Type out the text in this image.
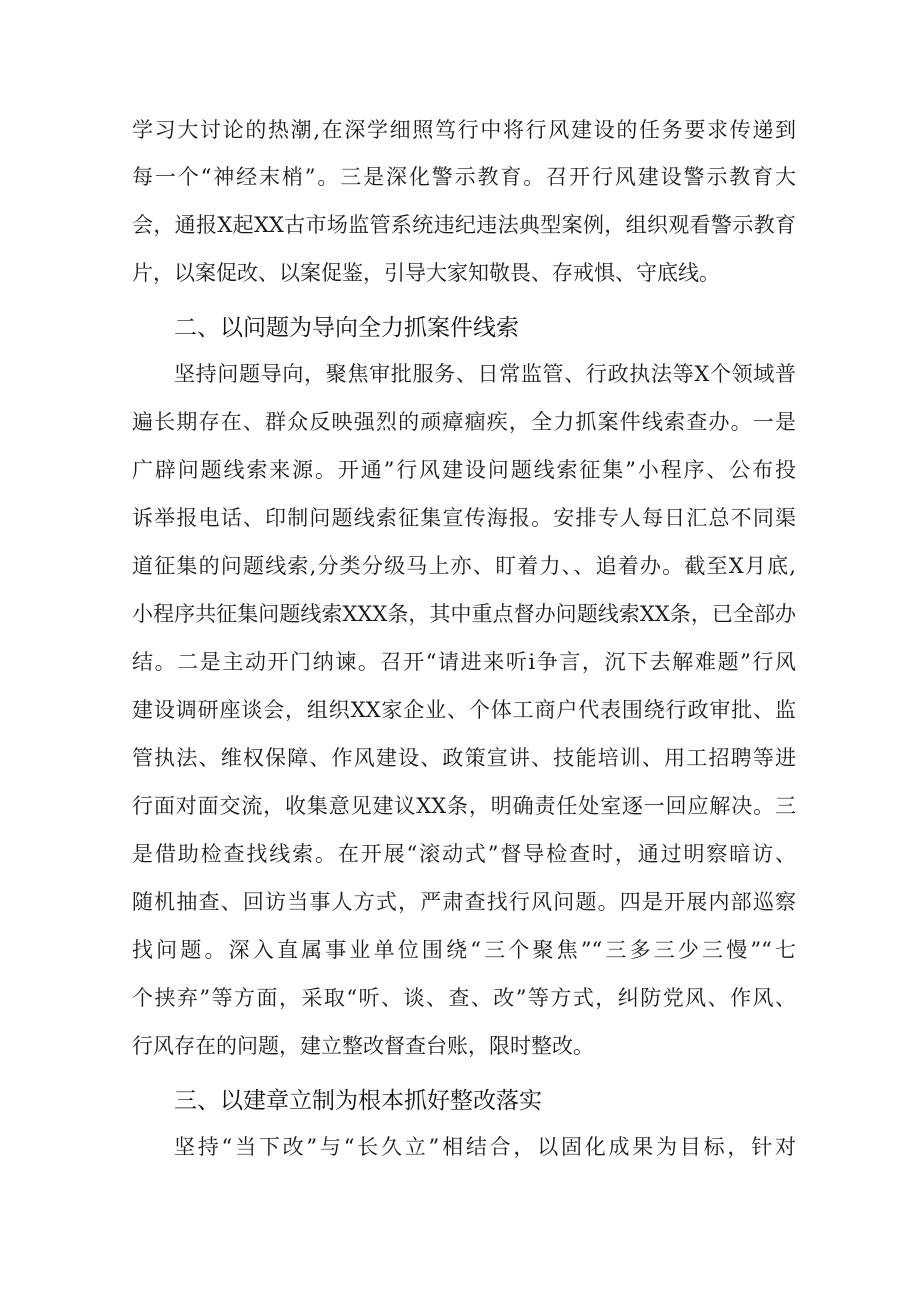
学习大讨论的热潮,在深学细照笃行中将行风建设的任务要求传递到
每一个“神经末梢”。三是深化警示教育。召开行风建设警示教育大
会，通报X起XX古市场监管系统违纪违法典型案例，组织观看警示教育
片，以案促改、以案促鉴，引导大家知敬畏、存戒惧、守底线。
二、以问题为导向全力抓案件线索
坚持问题导向，聚焦审批服务、日常监管、行政执法等X个领域普
遍长期存在、群众反映强烈的顽瘴痼疾，全力抓案件线索查办。一是
广辟问题线索来源。开通”行风建设问题线索征集”小程序、公布投
诉举报电话、印制问题线索征集宣传海报。安排专人每日汇总不同渠
道征集的问题线索,分类分级马上亦、盯着力、、追着办。截至X月底,
小程序共征集问题线索XXX条，其中重点督办问题线索XX条，已全部办
结。二是主动开门纳谏。召开“请进来听i争言，沉下去解难题”行风
建设调研座谈会，组织XX家企业、个体工商户代表围绕行政审批、监
管执法、维权保障、作风建设、政策宣讲、技能培训、用工招聘等进
行面对面交流，收集意见建议XX条，明确责任处室逐一回应解决。三
是借助检查找线索。在开展“滚动式”督导检查时，通过明察暗访、
随机抽查、回访当事人方式，严肃查找行风问题。四是开展内部巡察
找问题。深入直属事业单位围绕“三个聚焦”“三多三少三慢”“七
个挟弃”等方面，采取“听、谈、查、改”等方式，纠防党风、作风、
行风存在的问题，建立整改督查台账，限时整改。
三、以建章立制为根本抓好整改落实
坚持“当下改”与“长久立”相结合，以固化成果为目标，针对
